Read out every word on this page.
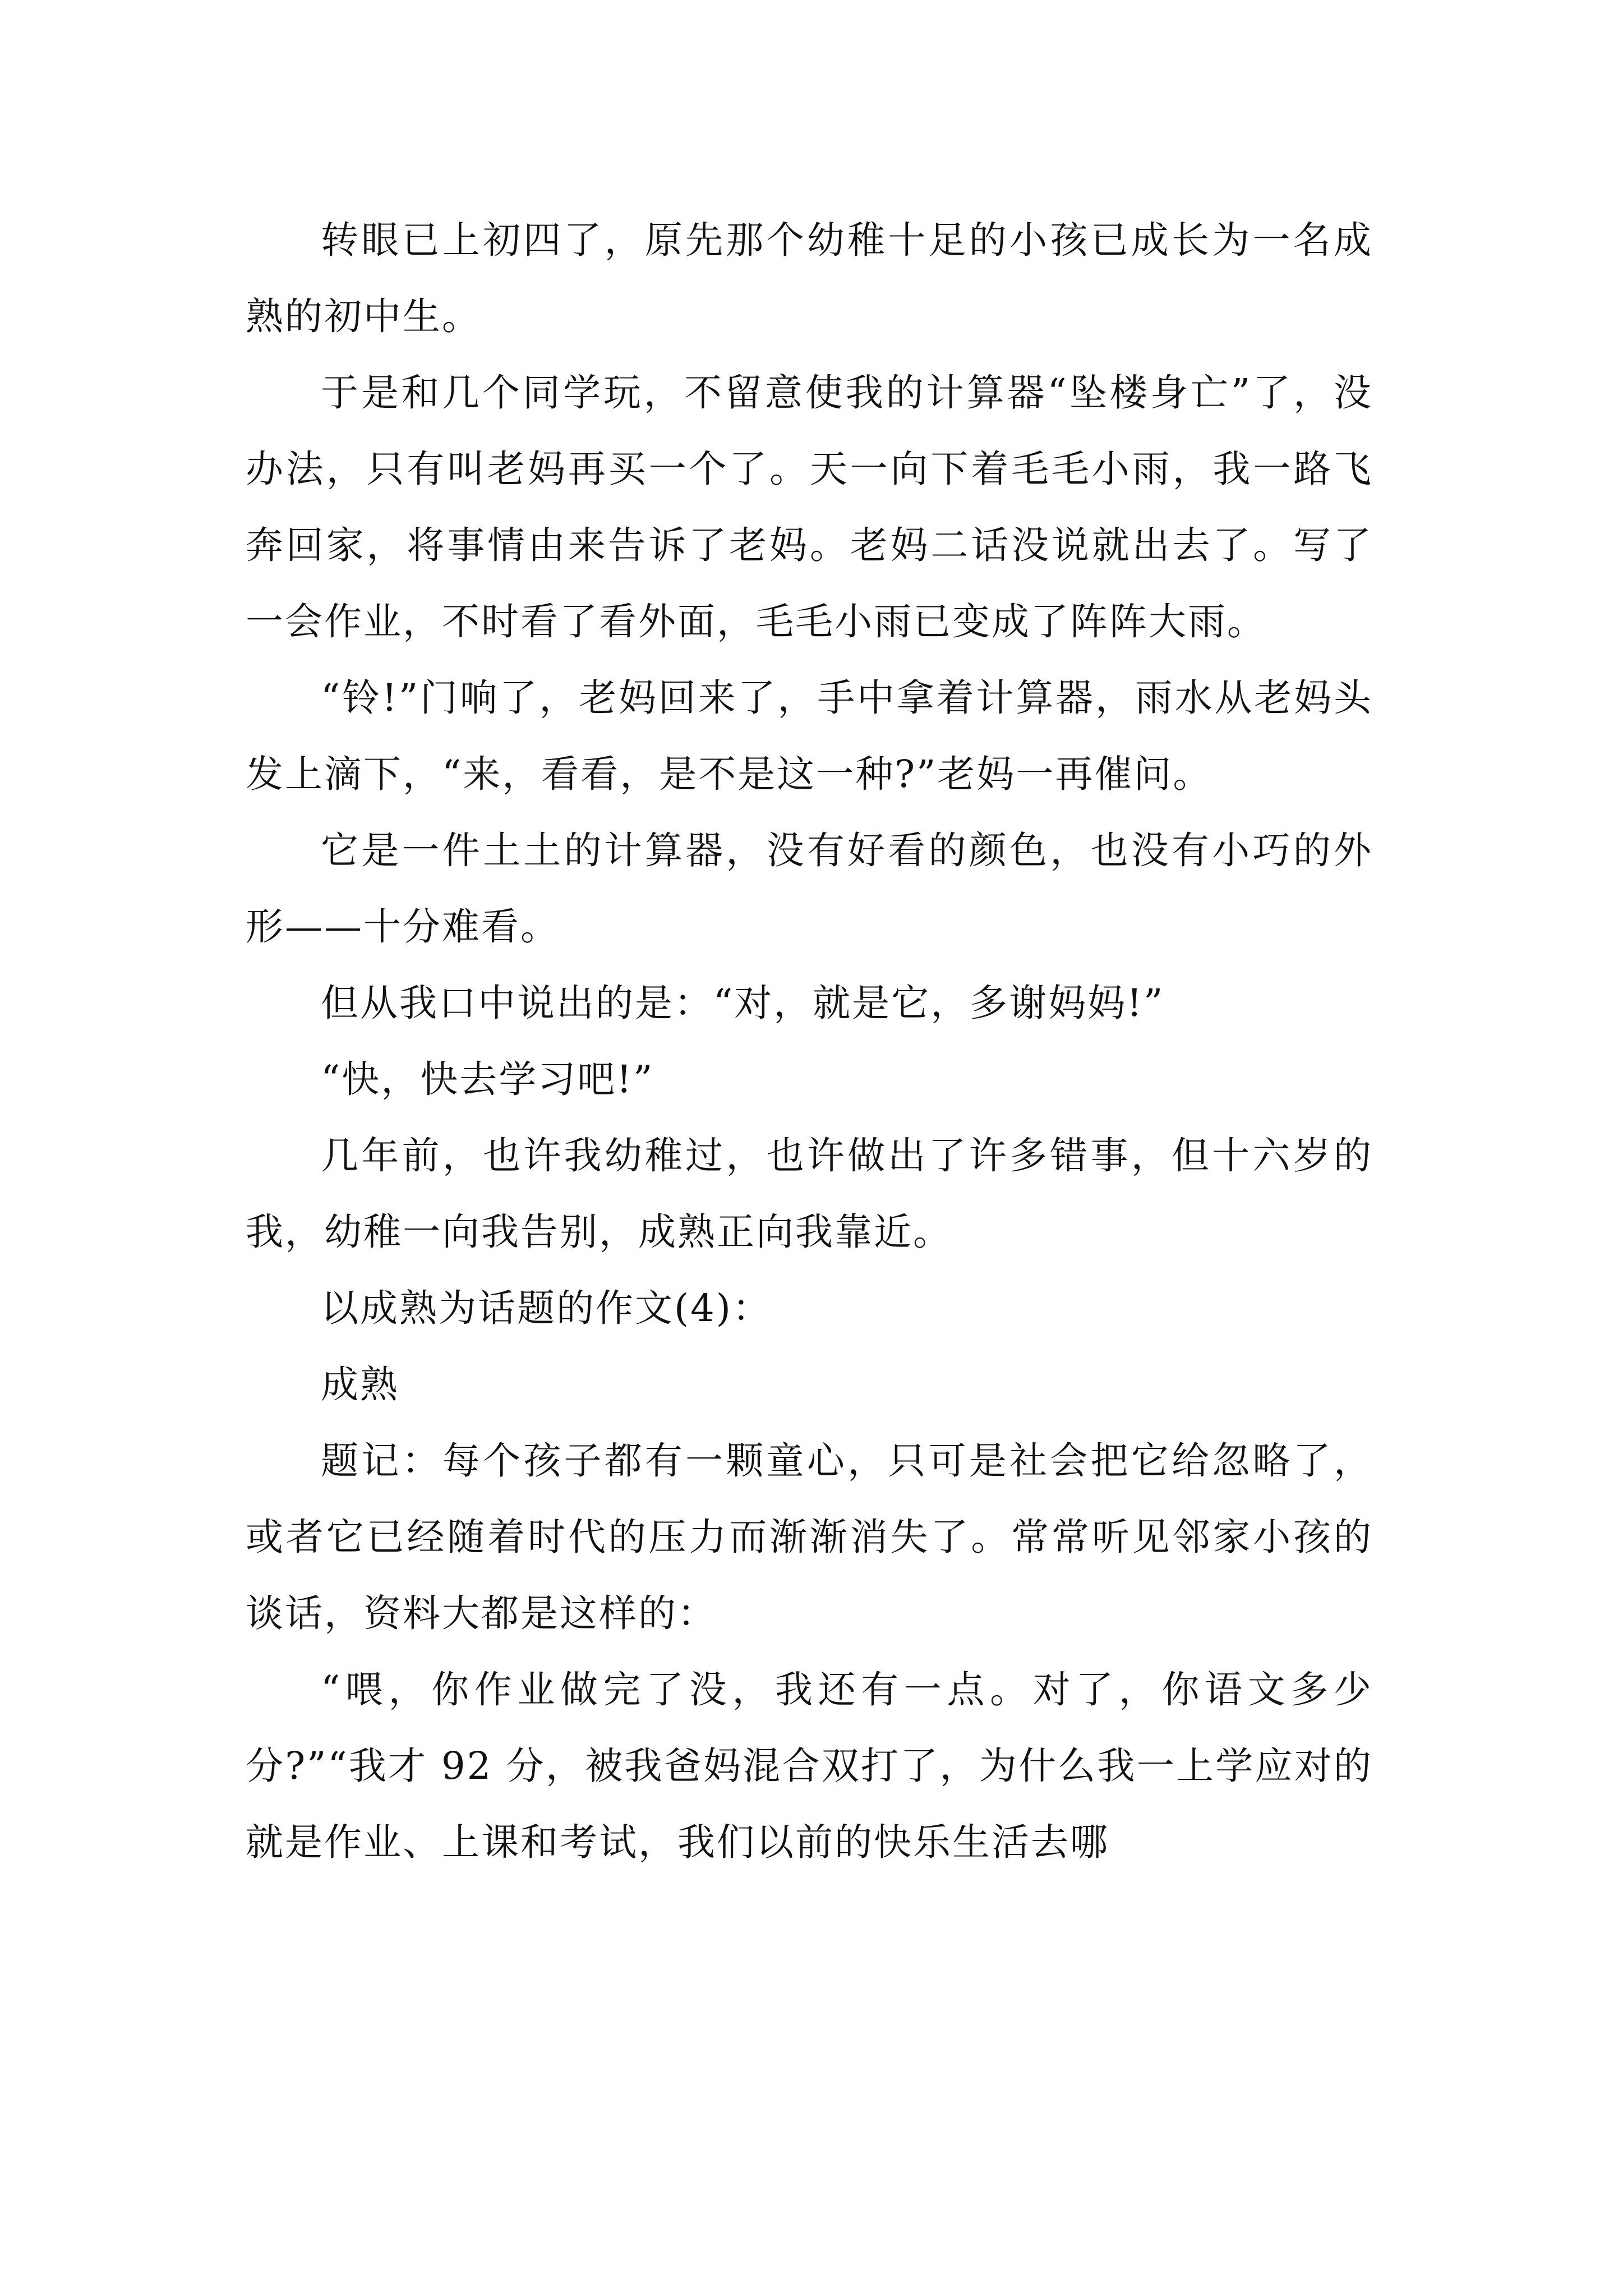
转眼已上初四了，原先那个幼稚十足的小孩已成长为一名成熟的初中生。

于是和几个同学玩，不留意使我的计算器“坠楼身亡”了，没办法，只有叫老妈再买一个了。天一向下着毛毛小雨，我一路飞奔回家，将事情由来告诉了老妈。老妈二话没说就出去了。写了一会作业，不时看了看外面，毛毛小雨已变成了阵阵大雨。

“铃!”门响了，老妈回来了，手中拿着计算器，雨水从老妈头发上滴下，“来，看看，是不是这一种?”老妈一再催问。

它是一件土土的计算器，没有好看的颜色，也没有小巧的外形——十分难看。

但从我口中说出的是：“对，就是它，多谢妈妈!”

“快，快去学习吧!”

几年前，也许我幼稚过，也许做出了许多错事，但十六岁的我，幼稚一向我告别，成熟正向我靠近。

以成熟为话题的作文(4)：

成熟

题记：每个孩子都有一颗童心，只可是社会把它给忽略了，或者它已经随着时代的压力而渐渐消失了。常常听见邻家小孩的谈话，资料大都是这样的：

“喂，你作业做完了没，我还有一点。对了，你语文多少分?”“我才 92 分，被我爸妈混合双打了，为什么我一上学应对的就是作业、上课和考试，我们以前的快乐生活去哪
